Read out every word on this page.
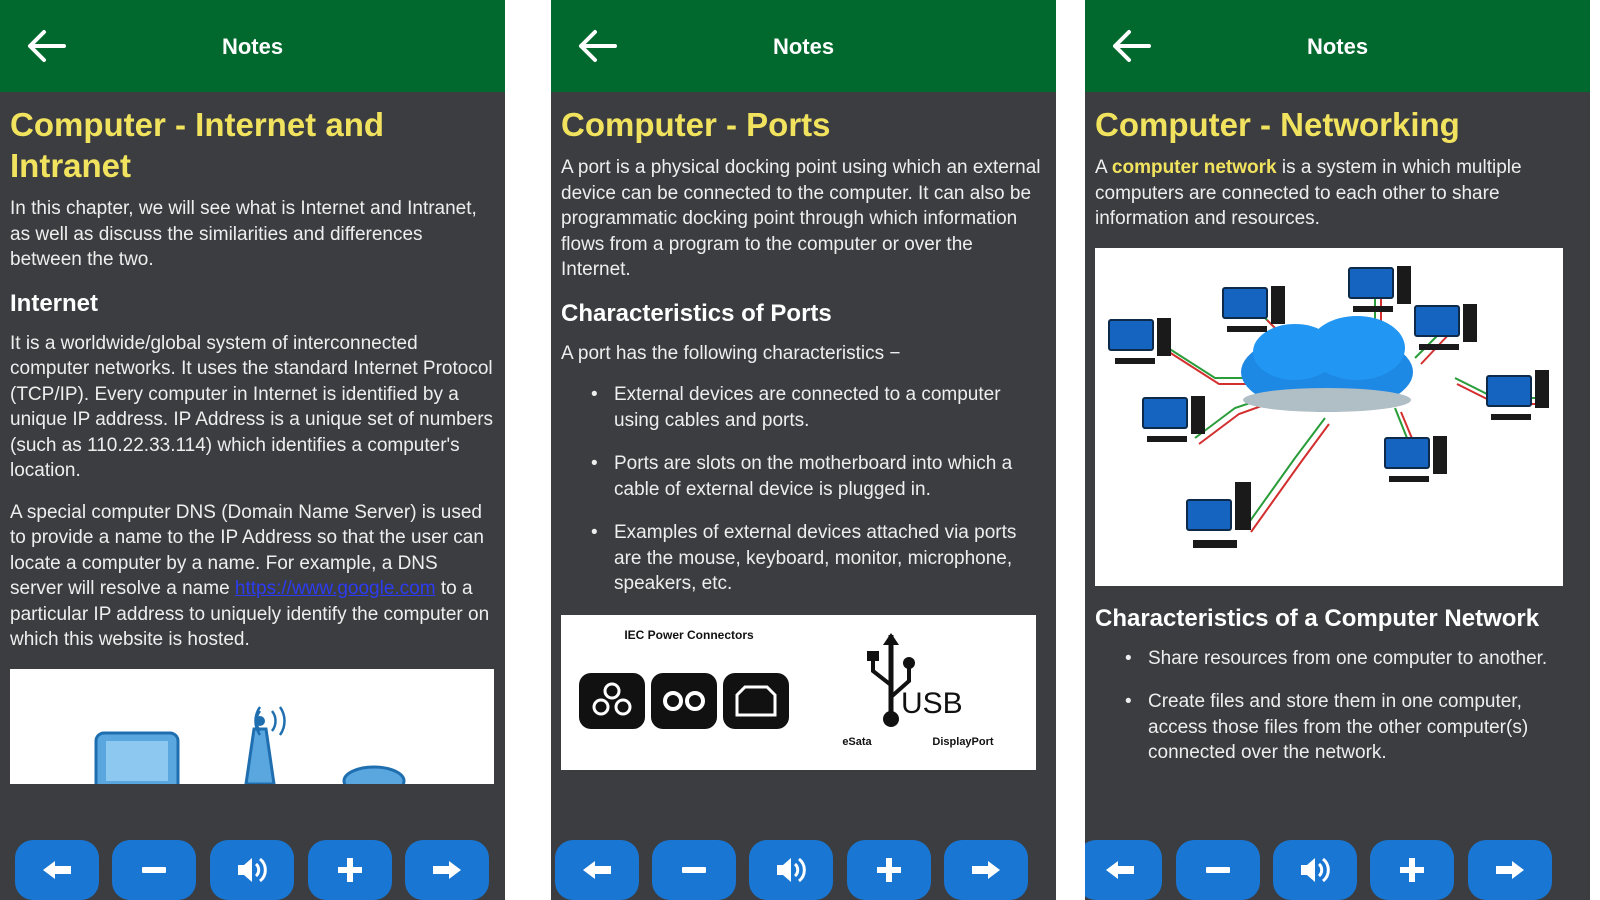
Notes
Computer - Internet and
Intranet

In this chapter, we will see what is Internet and Intranet, as well as discuss the similarities and differences between the two.

Internet

It is a worldwide/global system of interconnected computer networks. It uses the standard Internet Protocol (TCP/IP). Every computer in Internet is identified by a unique IP address. IP Address is a unique set of numbers (such as 110.22.33.114) which identifies a computer's location.

A special computer DNS (Domain Name Server) is used to provide a name to the IP Address so that the user can locate a computer by a name. For example, a DNS server will resolve a name https://www.google.com to a particular IP address to uniquely identify the computer on which this website is hosted.

Notes
Computer - Ports

A port is a physical docking point using which an external device can be connected to the computer. It can also be programmatic docking point through which information flows from a program to the computer or over the Internet.

Characteristics of Ports

A port has the following characteristics −

• External devices are connected to a computer using cables and ports.
• Ports are slots on the motherboard into which a cable of external device is plugged in.
• Examples of external devices attached via ports are the mouse, keyboard, monitor, microphone, speakers, etc.
IEC Power Connectors
USB
eSata	DisplayPort
Notes
Computer - Networking

A computer network is a system in which multiple computers are connected to each other to share information and resources.

Characteristics of a Computer Network
• Share resources from one computer to another.
• Create files and store them in one computer, access those files from the other computer(s) connected over the network.
